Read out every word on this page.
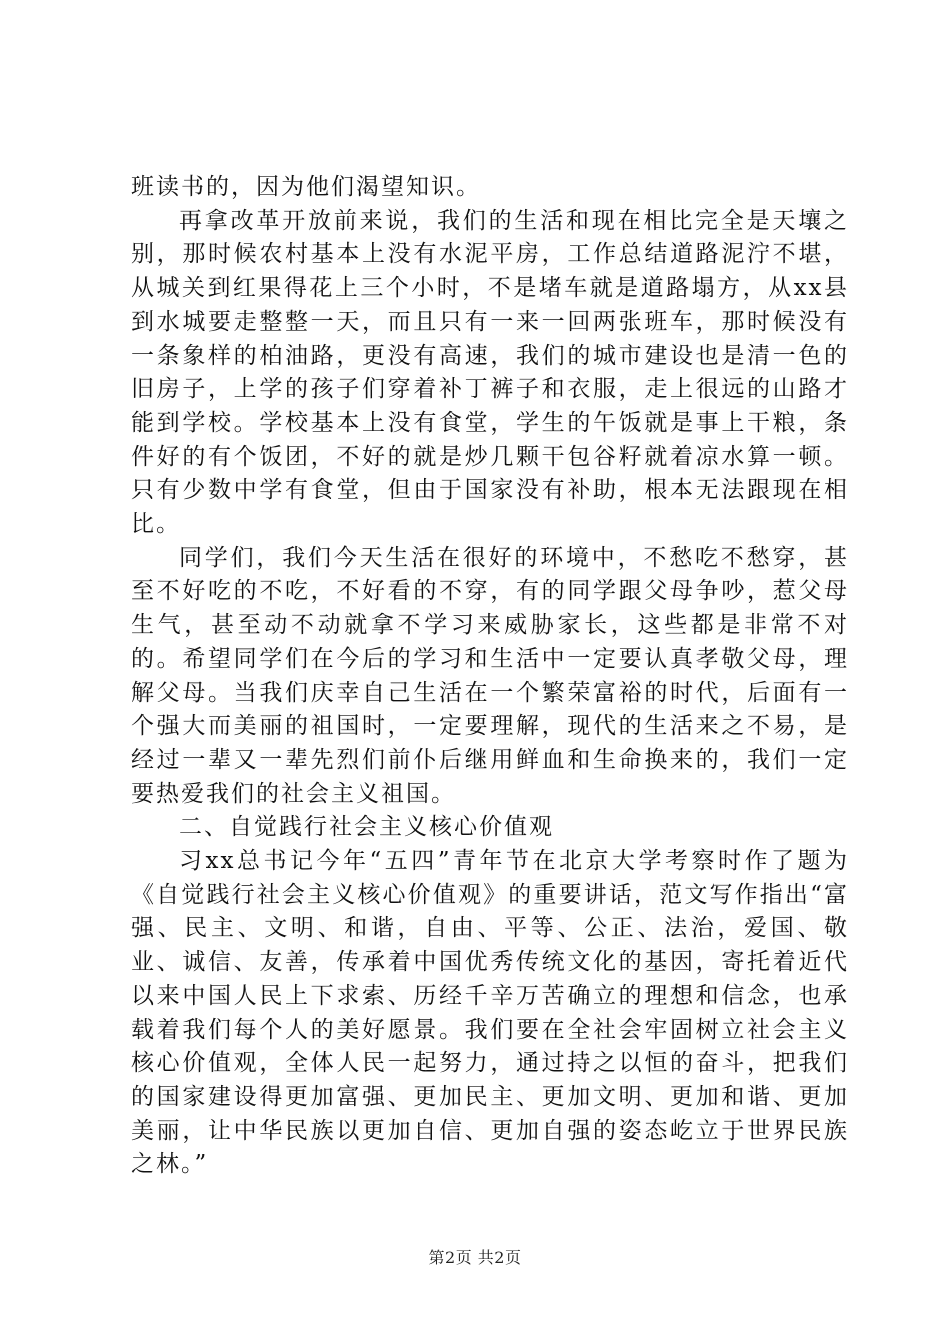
班读书的，因为他们渴望知识。

再拿改革开放前来说，我们的生活和现在相比完全是天壤之别，那时候农村基本上没有水泥平房，工作总结道路泥泞不堪，从城关到红果得花上三个小时，不是堵车就是道路塌方，从xx县到水城要走整整一天，而且只有一来一回两张班车，那时候没有一条象样的柏油路，更没有高速，我们的城市建设也是清一色的旧房子，上学的孩子们穿着补丁裤子和衣服，走上很远的山路才能到学校。学校基本上没有食堂，学生的午饭就是事上干粮，条件好的有个饭团，不好的就是炒几颗干包谷籽就着凉水算一顿。只有少数中学有食堂，但由于国家没有补助，根本无法跟现在相比。

同学们，我们今天生活在很好的环境中，不愁吃不愁穿，甚至不好吃的不吃，不好看的不穿，有的同学跟父母争吵，惹父母生气，甚至动不动就拿不学习来威胁家长，这些都是非常不对的。希望同学们在今后的学习和生活中一定要认真孝敬父母，理解父母。当我们庆幸自己生活在一个繁荣富裕的时代，后面有一个强大而美丽的祖国时，一定要理解，现代的生活来之不易，是经过一辈又一辈先烈们前仆后继用鲜血和生命换来的，我们一定要热爱我们的社会主义祖国。

二、自觉践行社会主义核心价值观

习xx总书记今年“五四”青年节在北京大学考察时作了题为《自觉践行社会主义核心价值观》的重要讲话，范文写作指出“富强、民主、文明、和谐，自由、平等、公正、法治，爱国、敬业、诚信、友善，传承着中国优秀传统文化的基因，寄托着近代以来中国人民上下求索、历经千辛万苦确立的理想和信念，也承载着我们每个人的美好愿景。我们要在全社会牢固树立社会主义核心价值观，全体人民一起努力，通过持之以恒的奋斗，把我们的国家建设得更加富强、更加民主、更加文明、更加和谐、更加美丽，让中华民族以更加自信、更加自强的姿态屹立于世界民族之林。”

第2页 共2页
